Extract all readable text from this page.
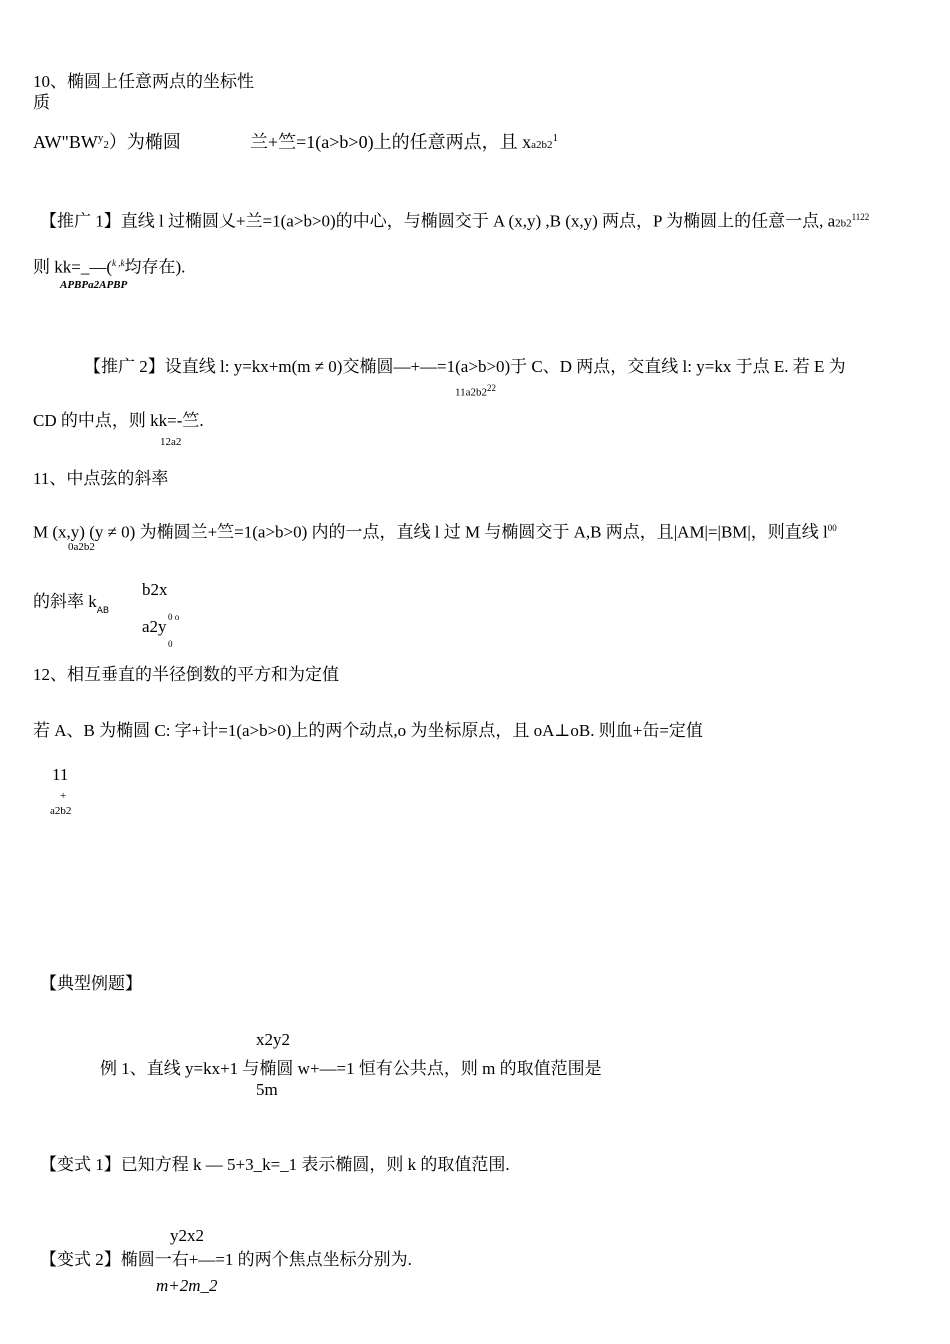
10、椭圆上任意两点的坐标性
质
$AW"BW^y2$）为椭圆	兰+竺=1(a>b>0)上的任意两点，且 $xa2b2^1$
【推广 1】直线 l 过椭圆乂+兰=1(a>b>0)的中心，与椭圆交于 A (x,y) ,B (x,y) 两点，P 为椭圆上的任意一点, $a2b2^{1122}$
则 kk=_—($^{k ,k}$均存在).
APBPa2APBP
【推广 2】设直线 l: y=kx+m(m ≠ 0)交椭圆—+—=1(a>b>0)于 C、D 两点，交直线 l: y=kx 于点 E. 若 E 为
$11a2b2^{22}$
CD 的中点，则 kk=-竺.
12a2
11、中点弦的斜率
M (x,y) (y ≠ 0) 为椭圆兰+竺=1(a>b>0) 内的一点，直线 l 过 M 与椭圆交于 A,B 两点，且|AM|=|BM|，则直线 $l^{00}$
0a2b2
的斜率 $k_{AB}$
b2x
0 o
a2y
0
12、相互垂直的半径倒数的平方和为定值
若 A、B 为椭圆 C: 字+计=1(a>b>0)上的两个动点,o 为坐标原点，且 oA⊥oB. 则血+缶=定值
11
+
a2b2
【典型例题】
x2y2
例 1、直线 y=kx+1 与椭圆 w+—=1 恒有公共点，则 m 的取值范围是
5m
【变式 1】已知方程 k — 5+3_k=_1 表示椭圆，则 k 的取值范围.
y2x2
【变式 2】椭圆一右+—=1 的两个焦点坐标分别为.
m+2m_2
